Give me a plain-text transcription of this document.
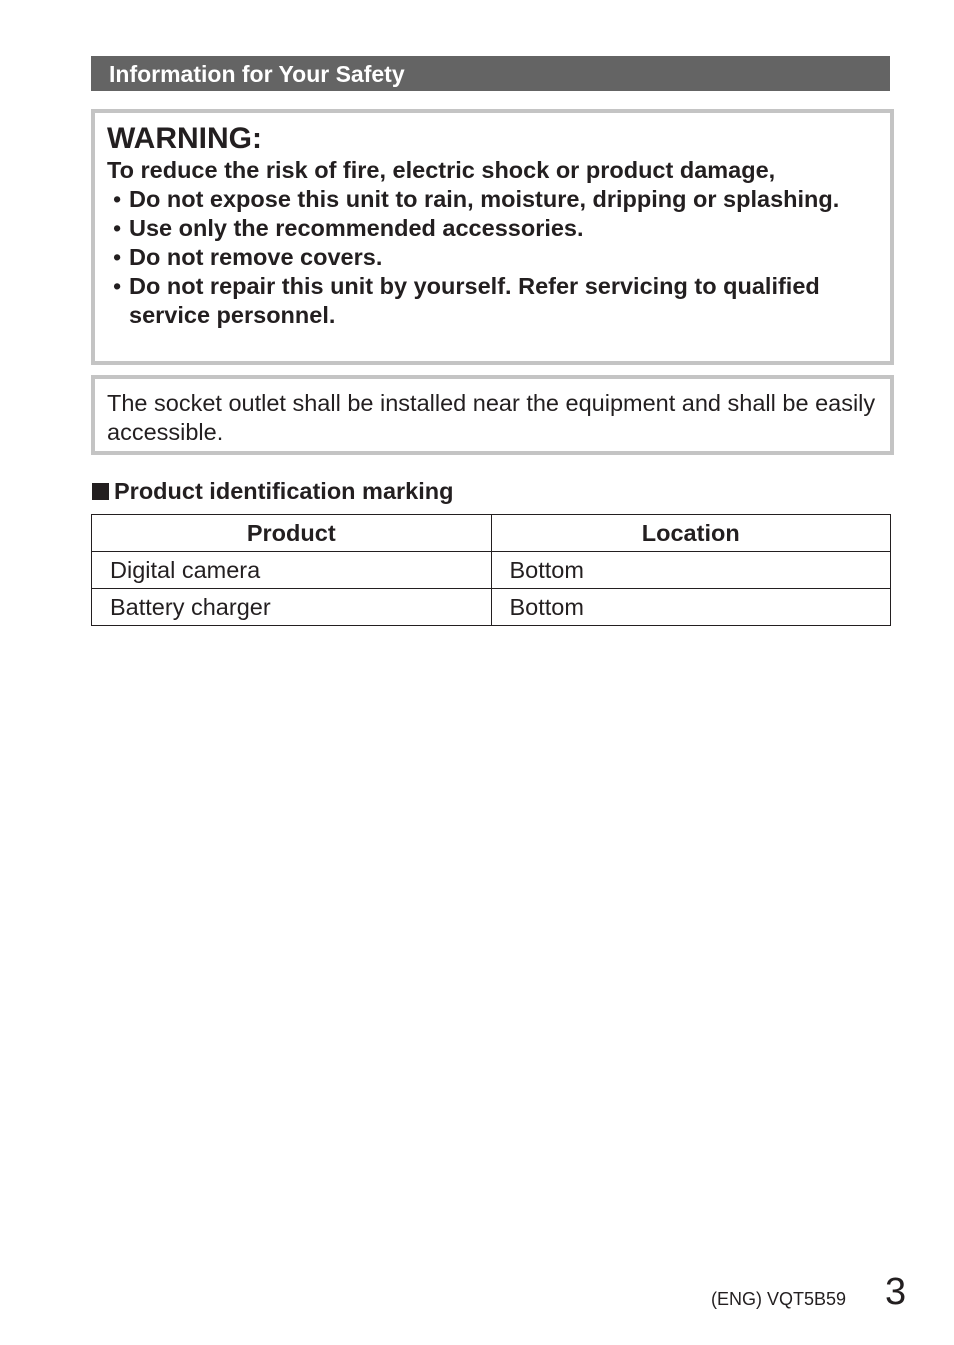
Information for Your Safety
WARNING:
To reduce the risk of fire, electric shock or product damage,
• Do not expose this unit to rain, moisture, dripping or splashing.
• Use only the recommended accessories.
• Do not remove covers.
• Do not repair this unit by yourself. Refer servicing to qualified service personnel.

The socket outlet shall be installed near the equipment and shall be easily accessible.

Product identification marking
Product	Location
Digital camera	Bottom
Battery charger	Bottom
(ENG) VQT5B59 3
